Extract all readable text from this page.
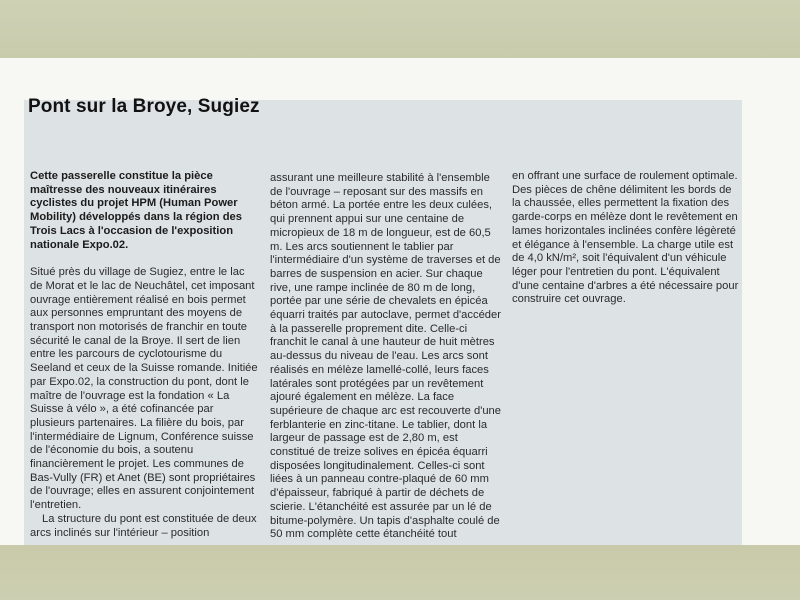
Pont sur la Broye, Sugiez

Cette passerelle constitue la pièce maîtresse des nouveaux itinéraires cyclistes du projet HPM (Human Power Mobility) développés dans la région des Trois Lacs à l'occasion de l'exposition nationale Expo.02.

Situé près du village de Sugiez, entre le lac de Morat et le lac de Neuchâtel, cet imposant ouvrage entièrement réalisé en bois permet aux personnes empruntant des moyens de transport non motorisés de franchir en toute sécurité le canal de la Broye. Il sert de lien entre les parcours de cyclotourisme du Seeland et ceux de la Suisse romande. Initiée par Expo.02, la construction du pont, dont le maître de l'ouvrage est la fondation « La Suisse à vélo », a été cofinancée par plusieurs partenaires. La filière du bois, par l'intermédiaire de Lignum, Conférence suisse de l'économie du bois, a soutenu financièrement le projet. Les communes de Bas-Vully (FR) et Anet (BE) sont propriétaires de l'ouvrage; elles en assurent conjointement l'entretien.

La structure du pont est constituée de deux arcs inclinés sur l'intérieur – position

assurant une meilleure stabilité à l'ensemble de l'ouvrage – reposant sur des massifs en béton armé. La portée entre les deux culées, qui prennent appui sur une centaine de micropieux de 18 m de longueur, est de 60,5 m. Les arcs soutiennent le tablier par l'intermédiaire d'un système de traverses et de barres de suspension en acier. Sur chaque rive, une rampe inclinée de 80 m de long, portée par une série de chevalets en épicéa équarri traités par autoclave, permet d'accéder à la passerelle proprement dite. Celle-ci franchit le canal à une hauteur de huit mètres au-dessus du niveau de l'eau. Les arcs sont réalisés en mélèze lamellé-collé, leurs faces latérales sont protégées par un revêtement ajouré également en mélèze. La face supérieure de chaque arc est recouverte d'une ferblanterie en zinc-titane. Le tablier, dont la largeur de passage est de 2,80 m, est constitué de treize solives en épicéa équarri disposées longitudinalement. Celles-ci sont liées à un panneau contre-plaqué de 60 mm d'épaisseur, fabriqué à partir de déchets de scierie. L'étanchéité est assurée par un lé de bitume-polymère. Un tapis d'asphalte coulé de 50 mm complète cette étanchéité tout

en offrant une surface de roulement optimale. Des pièces de chêne délimitent les bords de la chaussée, elles permettent la fixation des garde-corps en mélèze dont le revêtement en lames horizontales inclinées confère légèreté et élégance à l'ensemble. La charge utile est de 4,0 kN/m², soit l'équivalent d'un véhicule léger pour l'entretien du pont. L'équivalent d'une centaine d'arbres a été nécessaire pour construire cet ouvrage.
